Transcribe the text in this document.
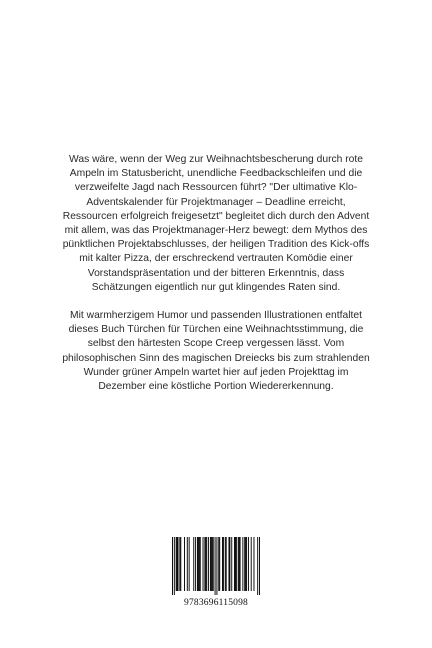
Was wäre, wenn der Weg zur Weihnachtsbescherung durch rote Ampeln im Statusbericht, unendliche Feedbackschleifen und die verzweifelte Jagd nach Ressourcen führt? "Der ultimative Klo-Adventskalender für Projektmanager – Deadline erreicht, Ressourcen erfolgreich freigesetzt" begleitet dich durch den Advent mit allem, was das Projektmanager-Herz bewegt: dem Mythos des pünktlichen Projektabschlusses, der heiligen Tradition des Kick-offs mit kalter Pizza, der erschreckend vertrauten Komödie einer Vorstandspräsentation und der bitteren Erkenntnis, dass Schätzungen eigentlich nur gut klingendes Raten sind.

Mit warmherzigem Humor und passenden Illustrationen entfaltet dieses Buch Türchen für Türchen eine Weihnachtsstimmung, die selbst den härtesten Scope Creep vergessen lässt. Vom philosophischen Sinn des magischen Dreiecks bis zum strahlenden Wunder grüner Ampeln wartet hier auf jeden Projekttag im Dezember eine köstliche Portion Wiedererkennung.

9783696115098
